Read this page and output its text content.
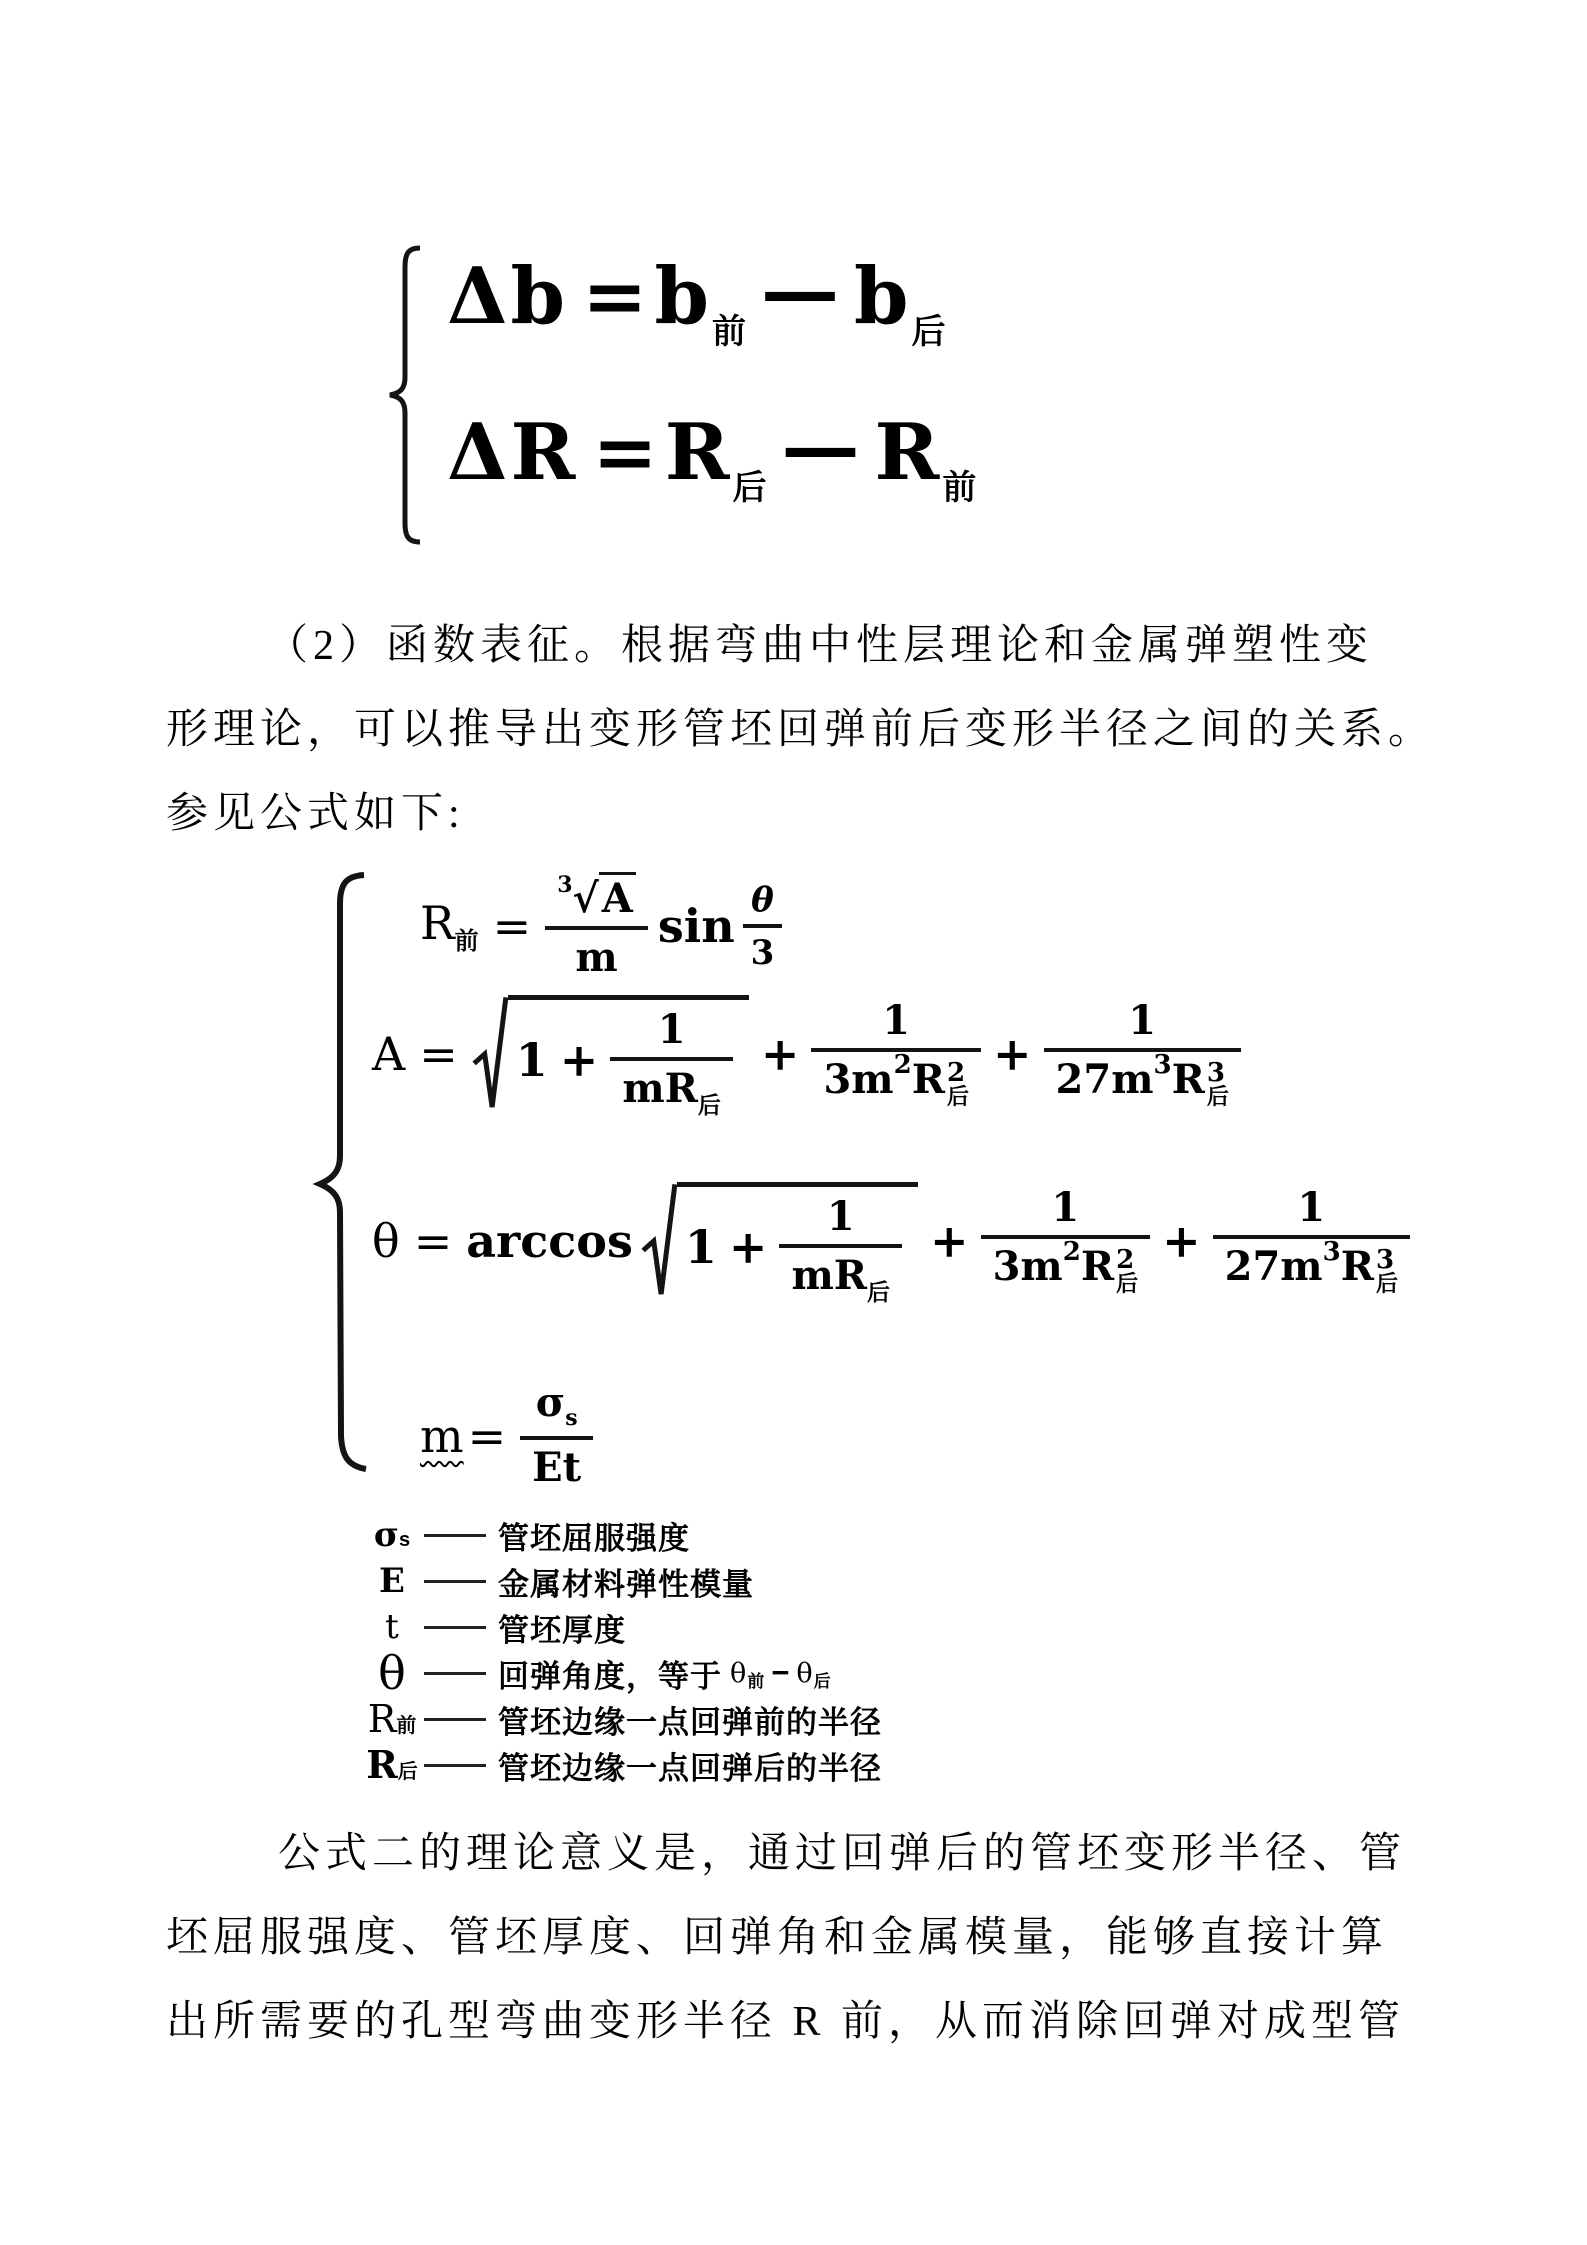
$\Delta b =b_前$ — $b_后$
$\Delta R =R_后$ — $R_前$
（2）函数表征。根据弯曲中性层理论和金属弹塑性变
形理论，可以推导出变形管坯回弹前后变形半径之间的关系。
参见公式如下:
$R_前 = \frac{^3√A}{m}$ $\sin \frac{\theta}{3}$
$A = 1 + \frac{1}{\text{mR 后}} + 1$
$3m^2$ R 2
后 + 1
$27m^3$ R 3
后
$\theta = \arccos 1 + \frac{1}{\text{mR 后}} + 1$
$3m^2$ R 2
后 + 1
$27m^3$ R 3
后
$m = \frac{\sigma_s}{Et}$
σ s	管坯屈服强度
E	金属材料弹性模量
t	管坯厚度
θ	回弹角度，等于 θ 前 − θ 后
R 前	管坯边缘一点回弹前的半径
R 后	管坯边缘一点回弹后的半径
公式二的理论意义是，通过回弹后的管坯变形半径、管
坯屈服强度、管坯厚度、回弹角和金属模量，能够直接计算
出所需要的孔型弯曲变形半径 R 前，从而消除回弹对成型管
